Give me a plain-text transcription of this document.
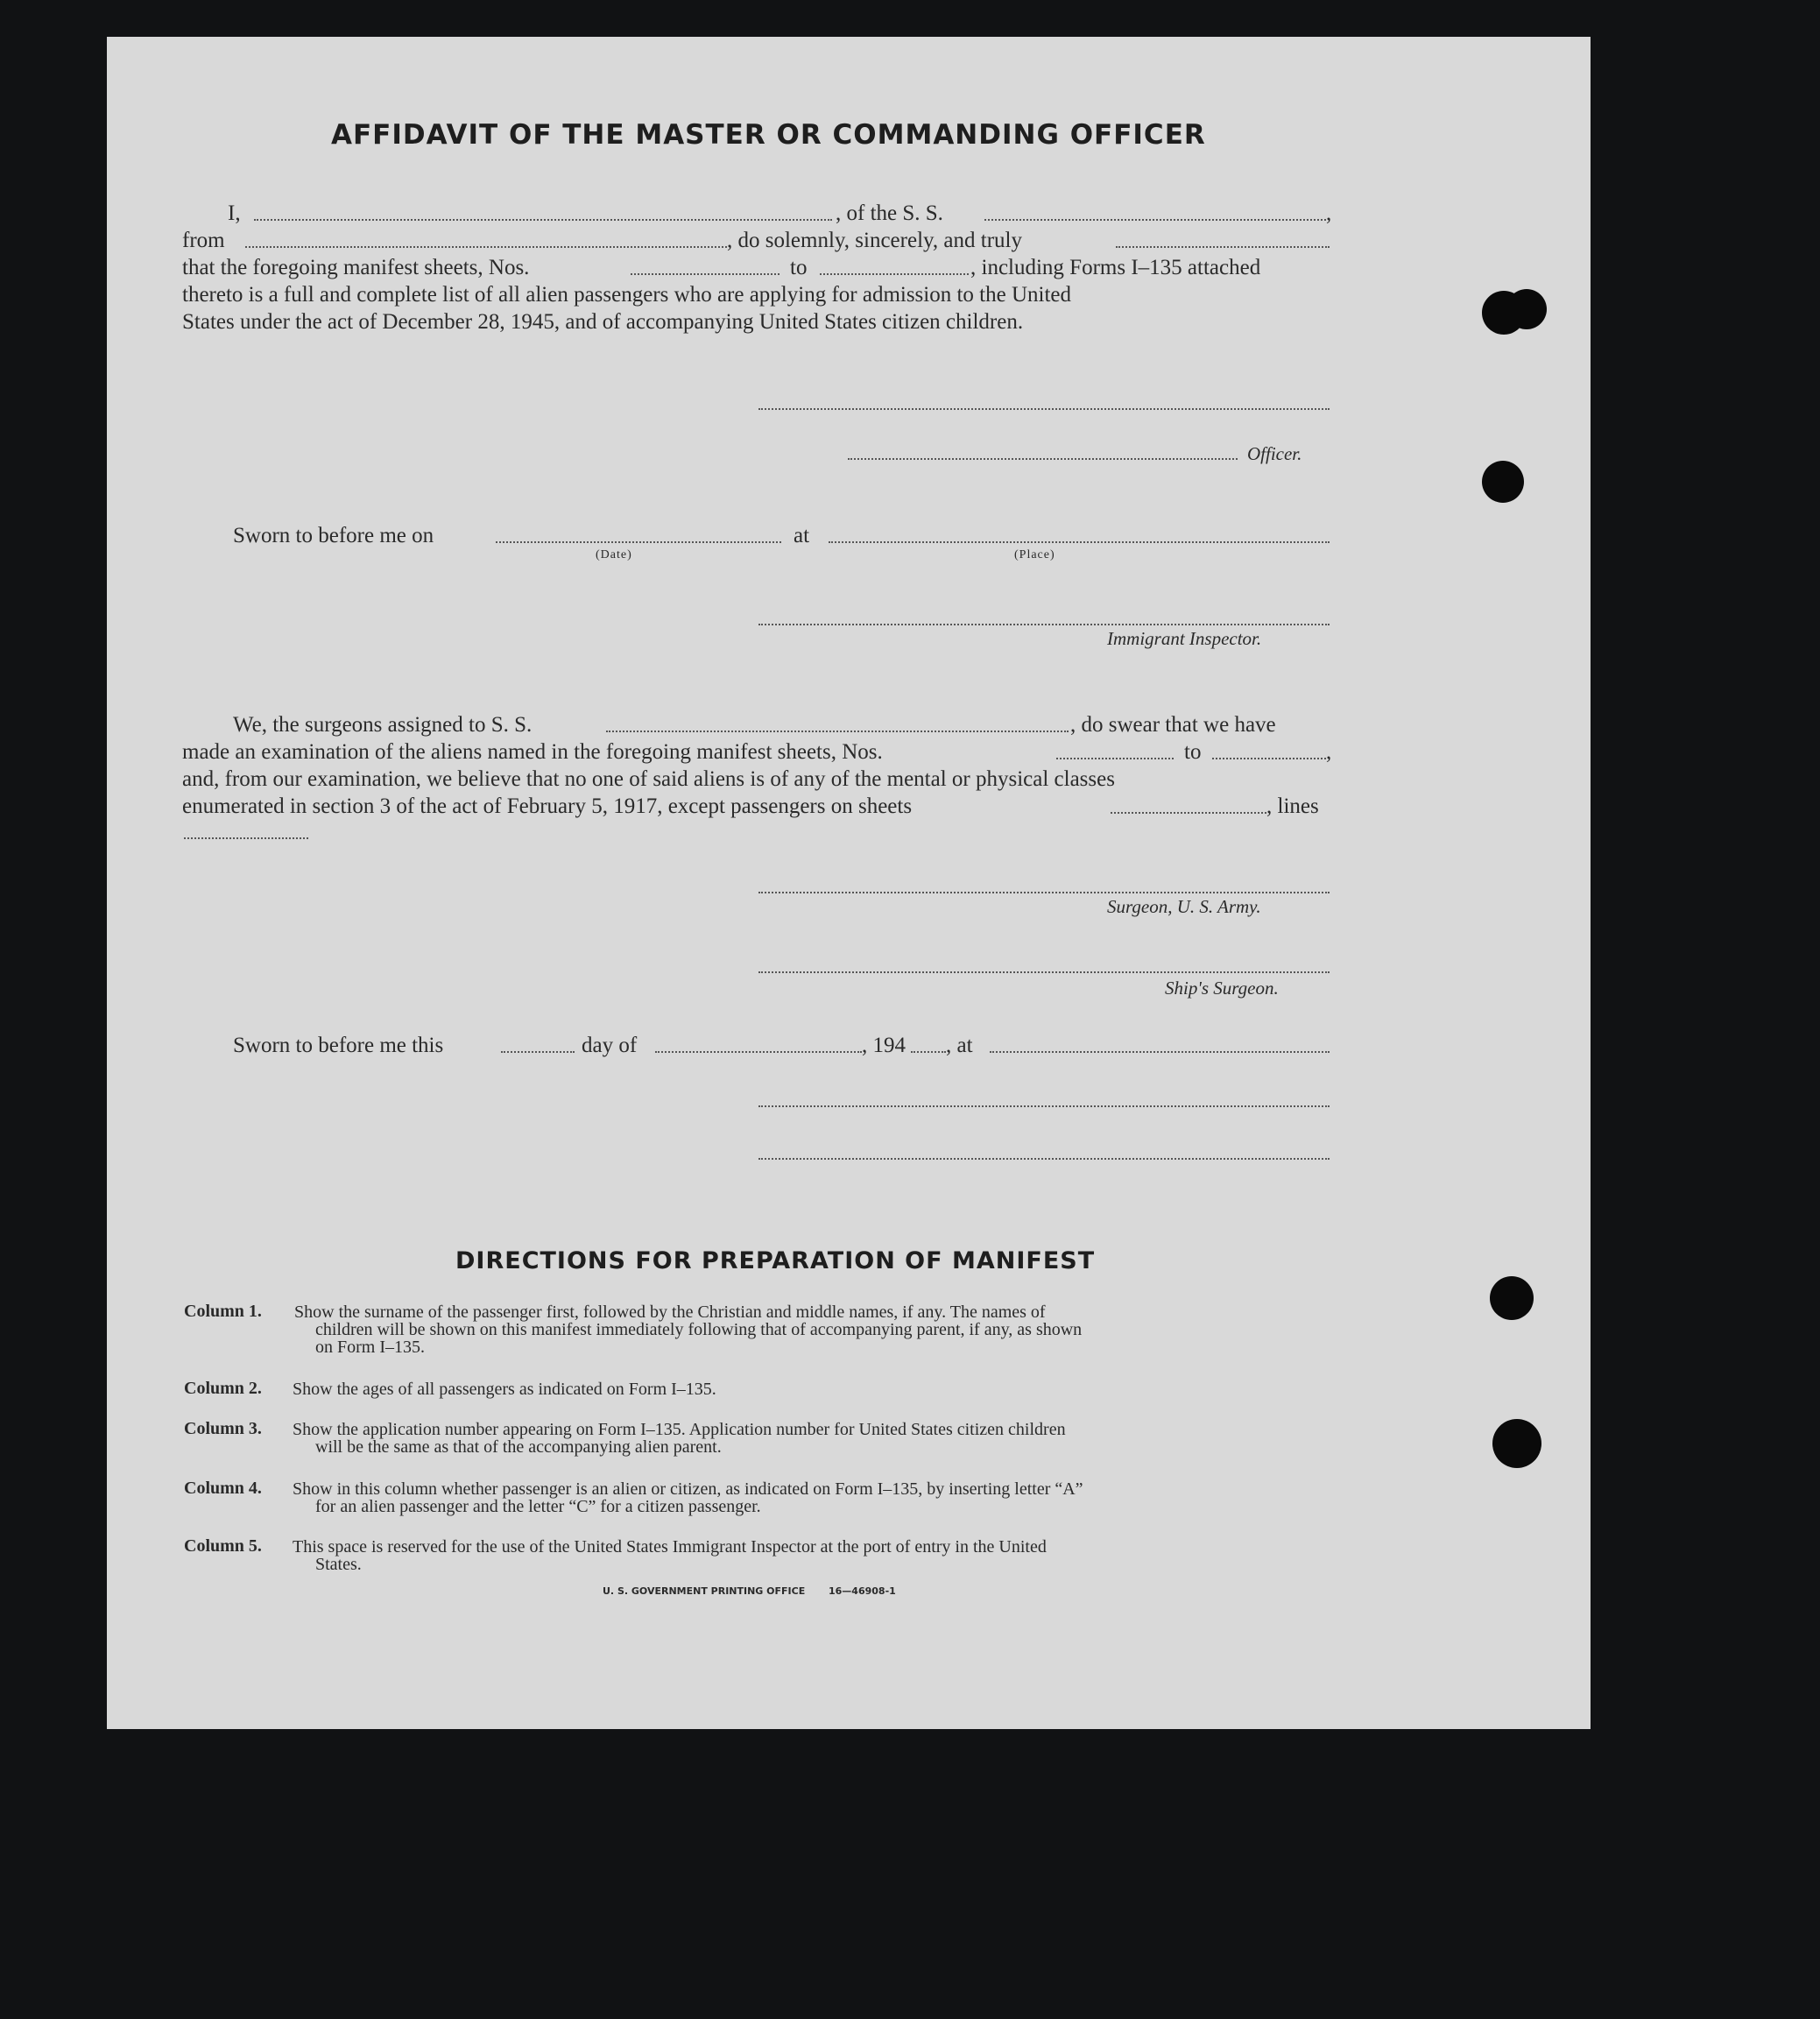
AFFIDAVIT OF THE MASTER OR COMMANDING OFFICER
I,	, of the S. S.	,
from	, do solemnly, sincerely, and truly
that the foregoing manifest sheets, Nos.	to	, including Forms I–135 attached
thereto is a full and complete list of all alien passengers who are applying for admission to the United
States under the act of December 28, 1945, and of accompanying United States citizen children.
Officer.
Sworn to before me on	at
(Date)	(Place)
Immigrant Inspector.
We, the surgeons assigned to S. S.	, do swear that we have
made an examination of the aliens named in the foregoing manifest sheets, Nos.	to	,
and, from our examination, we believe that no one of said aliens is of any of the mental or physical classes
enumerated in section 3 of the act of February 5, 1917, except passengers on sheets	, lines
Surgeon, U. S. Army.
Ship's Surgeon.
Sworn to before me this	day of	, 194 , at
DIRECTIONS FOR PREPARATION OF MANIFEST
Column 1. Show the surname of the passenger first, followed by the Christian and middle names, if any. The names of
children will be shown on this manifest immediately following that of accompanying parent, if any, as shown
on Form I–135.
Column 2. Show the ages of all passengers as indicated on Form I–135.
Column 3. Show the application number appearing on Form I–135. Application number for United States citizen children
will be the same as that of the accompanying alien parent.
Column 4. Show in this column whether passenger is an alien or citizen, as indicated on Form I–135, by inserting letter “A”
for an alien passenger and the letter “C” for a citizen passenger.
Column 5. This space is reserved for the use of the United States Immigrant Inspector at the port of entry in the United
States.
U. S. GOVERNMENT PRINTING OFFICE 16—46908-1
